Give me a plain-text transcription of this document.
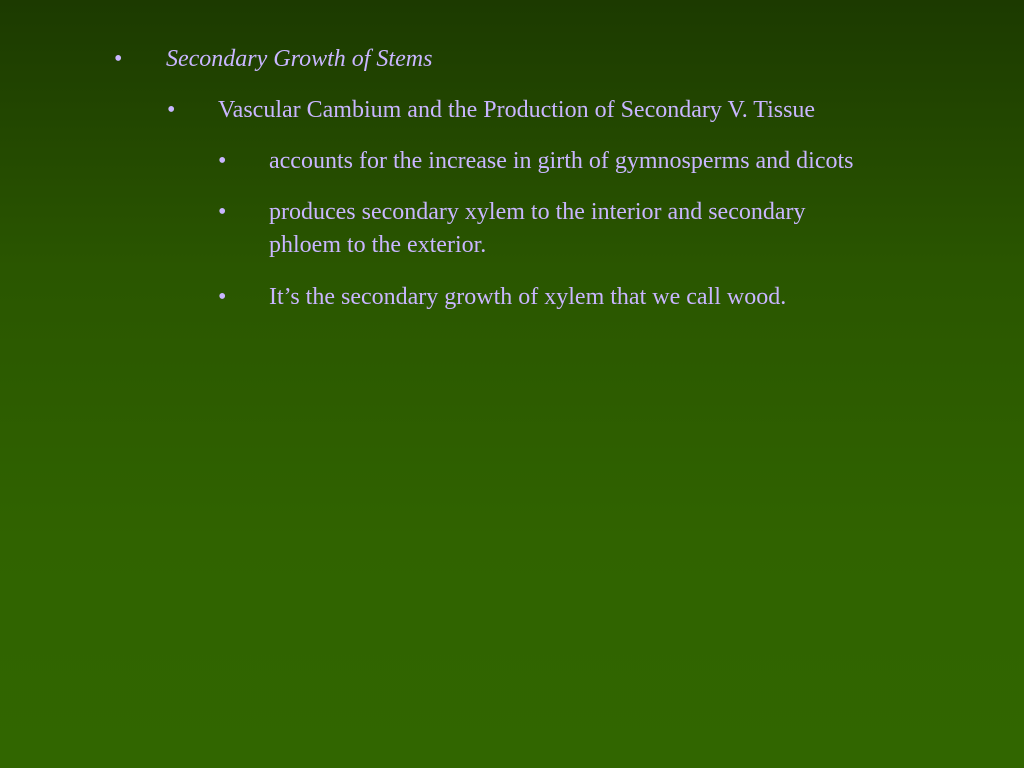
• Secondary Growth of Stems
• Vascular Cambium and the Production of Secondary V. Tissue
• accounts for the increase in girth of gymnosperms and dicots
• produces secondary xylem to the interior and secondary
phloem to the exterior.
• It’s the secondary growth of xylem that we call wood.
